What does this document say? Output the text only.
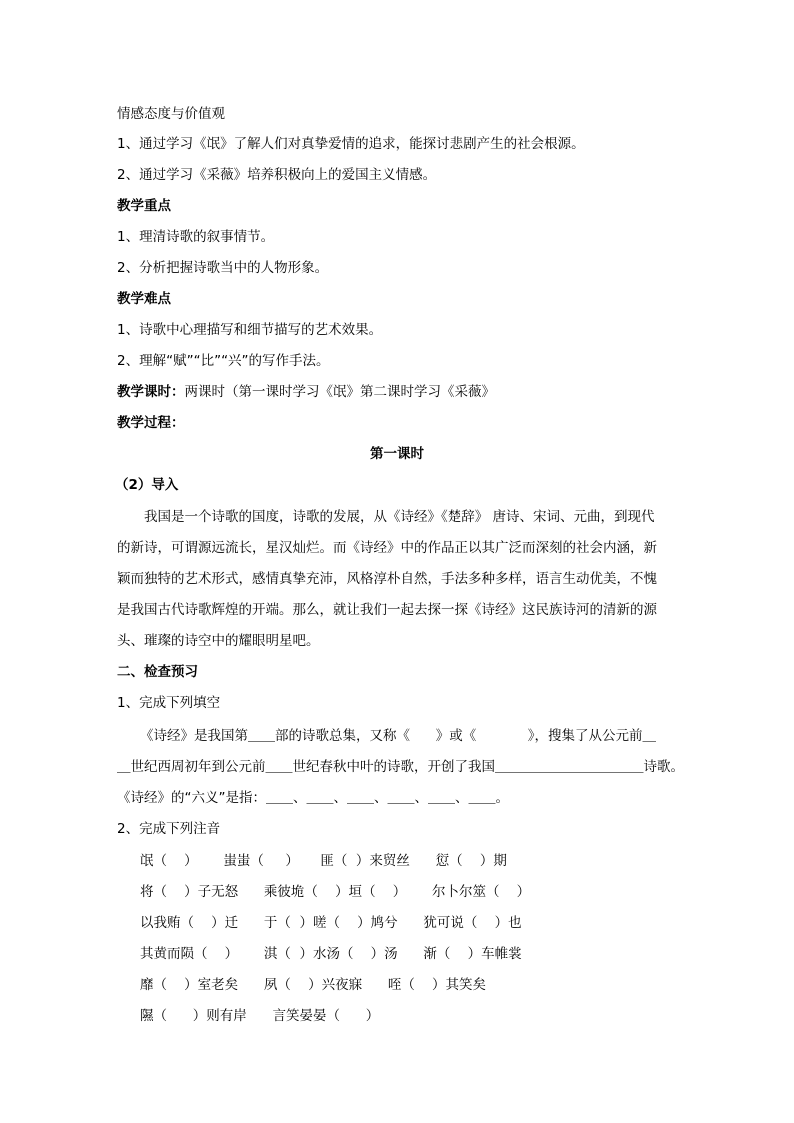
情感态度与价值观
1、通过学习《氓》了解人们对真挚爱情的追求，能探讨悲剧产生的社会根源。
2、通过学习《采薇》培养积极向上的爱国主义情感。
教学重点
1、理清诗歌的叙事情节。
2、分析把握诗歌当中的人物形象。
教学难点
1、诗歌中心理描写和细节描写的艺术效果。
2、理解“赋”“比”“兴”的写作手法。
教学课时：两课时（第一课时学习《氓》第二课时学习《采薇》
教学过程：
第一课时
（2）导入
我国是一个诗歌的国度，诗歌的发展，从《诗经》《楚辞》 唐诗、宋词、元曲，到现代
的新诗，可谓源远流长，星汉灿烂。而《诗经》中的作品正以其广泛而深刻的社会内涵，新
颖而独特的艺术形式，感情真挚充沛，风格淳朴自然，手法多种多样，语言生动优美，不愧
是我国古代诗歌辉煌的开端。那么，就让我们一起去探一探《诗经》这民族诗河的清新的源
头、璀璨的诗空中的耀眼明星吧。
二、检查预习
1、完成下列填空
《诗经》是我国第＿＿部的诗歌总集，又称《      》或《            》，搜集了从公元前＿
＿世纪西周初年到公元前＿＿世纪春秋中叶的诗歌，开创了我国＿＿＿＿＿＿＿＿＿＿＿诗歌。
《诗经》的“六义”是指：＿＿、＿＿、＿＿、＿＿、＿＿、＿＿。
2、完成下列注音
氓（    ）      蚩蚩（     ）     匪（  ）来贸丝      愆（    ）期
将（    ）子无怒      乘彼垝（    ）垣（    ）      尔卜尔筮（    ）
以我贿（    ）迁      于（  ）嗟（    ）鸠兮      犹可说（    ）也
其黄而陨（    ）      淇（  ）水汤（    ）汤      渐（    ）车帷裳
靡（    ）室老矣      夙（    ）兴夜寐      咥（    ）其笑矣
隰（      ）则有岸      言笑晏晏（      ）
